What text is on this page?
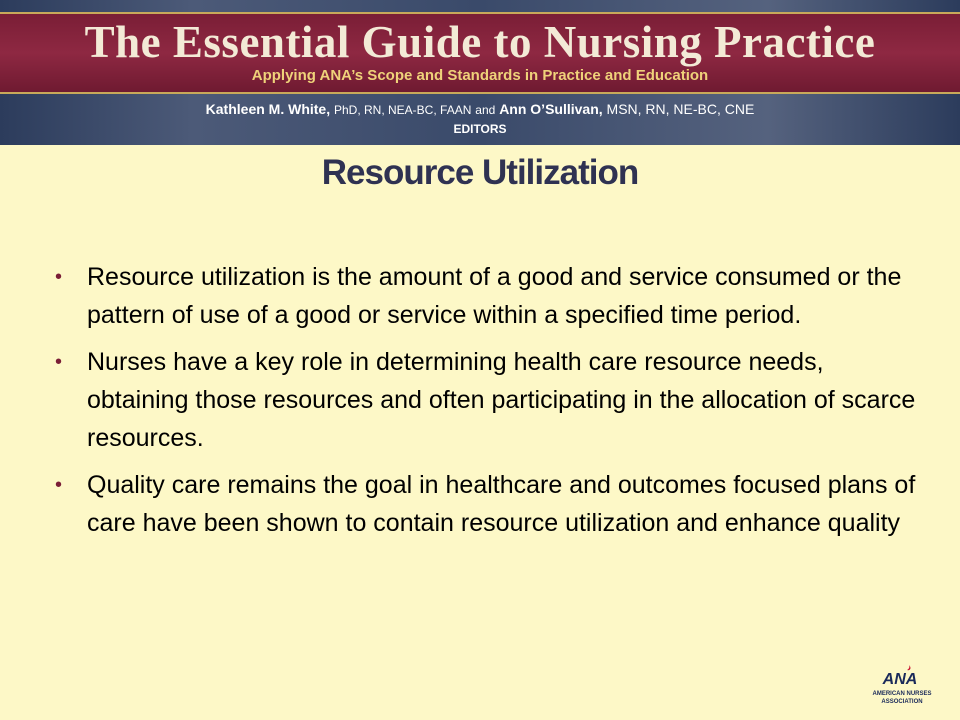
The Essential Guide to Nursing Practice
Applying ANA’s Scope and Standards in Practice and Education
Kathleen M. White, PhD, RN, NEA-BC, FAAN and Ann O’Sullivan, MSN, RN, NE-BC, CNE
EDITORS
Resource Utilization
• Resource utilization is the amount of a good and service consumed or the pattern of use of a good or service within a specified time period.
• Nurses have a key role in determining health care resource needs, obtaining those resources and often participating in the allocation of scarce resources.
• Quality care remains the goal in healthcare and outcomes focused plans of care have been shown to contain resource utilization and enhance quality
ANA
AMERICAN NURSES
ASSOCIATION
